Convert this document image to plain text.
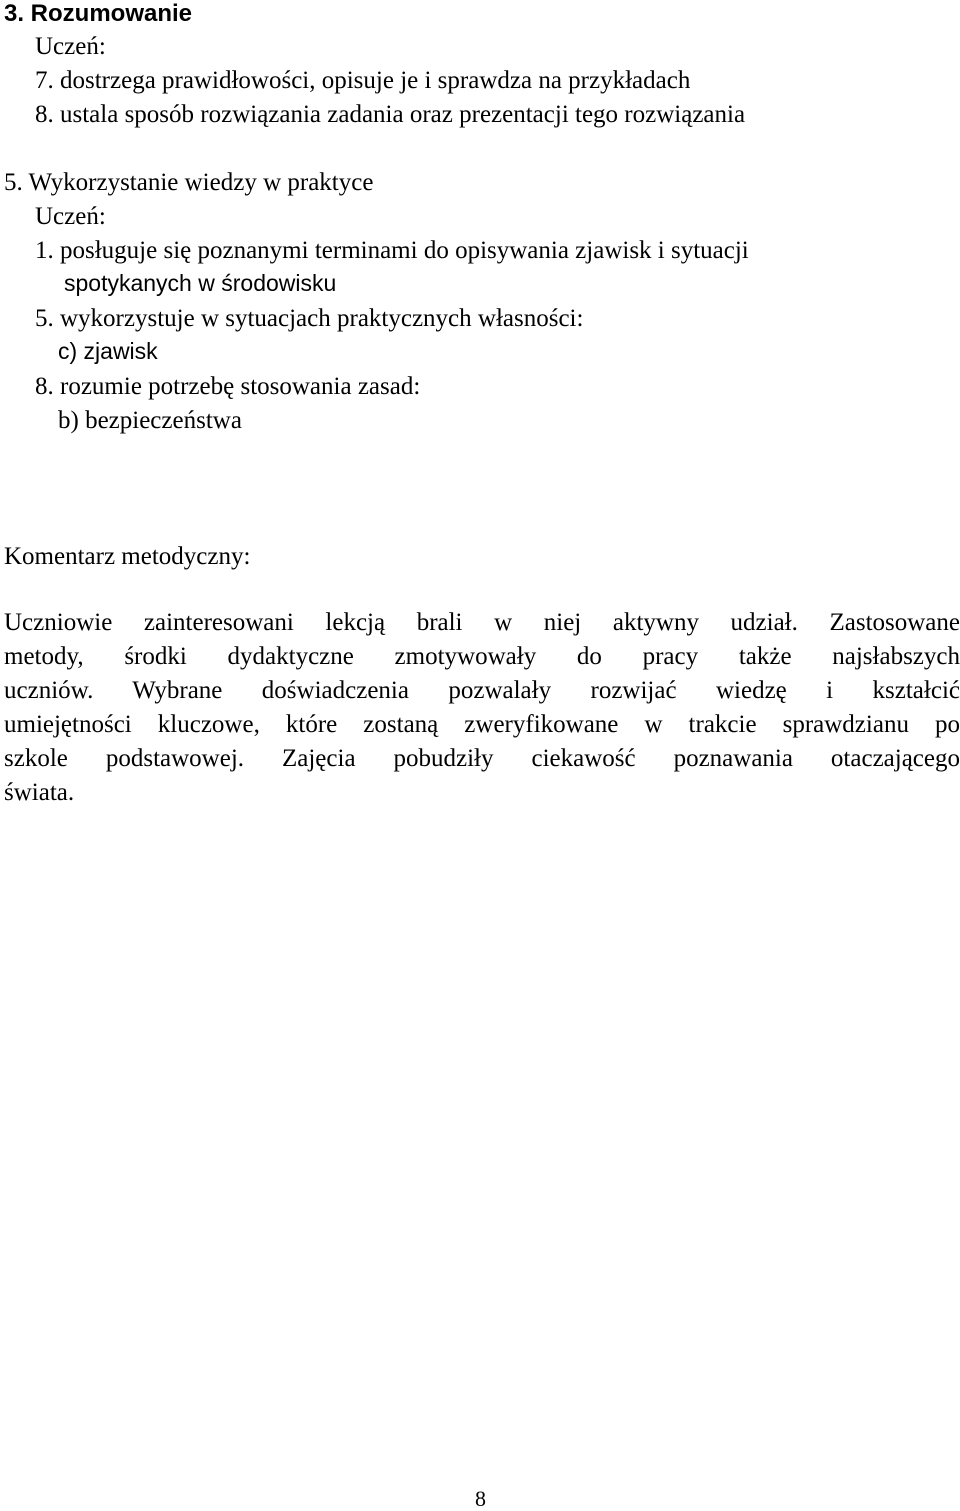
3. Rozumowanie
Uczeń:
7. dostrzega prawidłowości, opisuje je i sprawdza na przykładach
8. ustala sposób rozwiązania zadania oraz prezentacji tego rozwiązania
5. Wykorzystanie wiedzy w praktyce
Uczeń:
1. posługuje się poznanymi terminami do opisywania zjawisk i sytuacji
spotykanych w środowisku
5. wykorzystuje w sytuacjach praktycznych własności:
c) zjawisk
8. rozumie potrzebę stosowania zasad:
b) bezpieczeństwa
Komentarz metodyczny:
Uczniowie zainteresowani lekcją brali w niej aktywny udział. Zastosowane
metody, środki dydaktyczne zmotywowały do pracy także najsłabszych
uczniów. Wybrane doświadczenia pozwalały rozwijać wiedzę i kształcić
umiejętności kluczowe, które zostaną zweryfikowane w trakcie sprawdzianu po
szkole podstawowej. Zajęcia pobudziły ciekawość poznawania otaczającego
świata.
8
